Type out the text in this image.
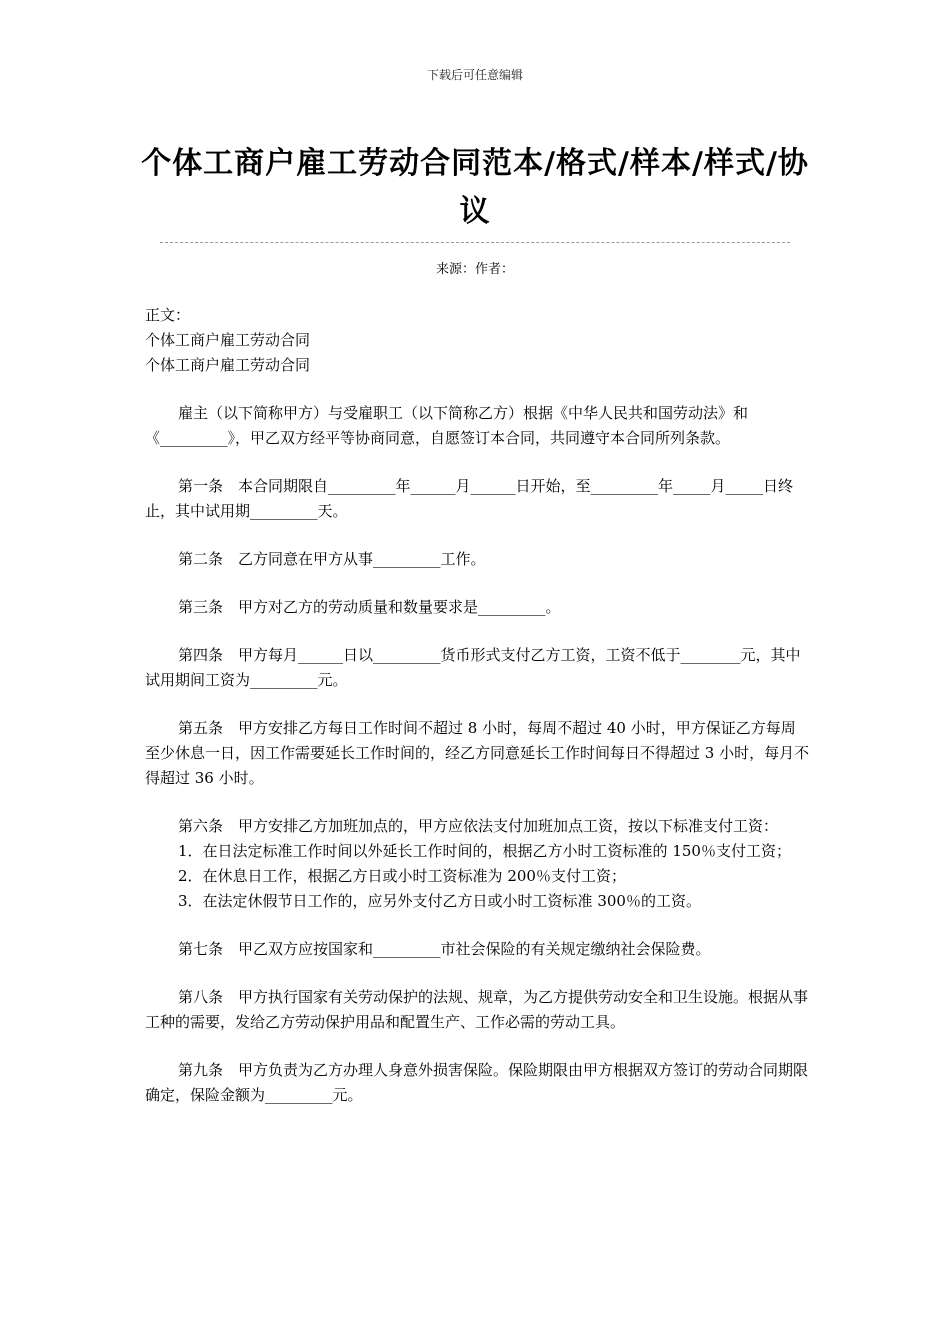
下载后可任意编辑
个体工商户雇工劳动合同范本/格式/样本/样式/协议
来源：作者：

正文：

个体工商户雇工劳动合同

个体工商户雇工劳动合同

雇主（以下简称甲方）与受雇职工（以下简称乙方）根据《中华人民共和国劳动法》和《_________》，甲乙双方经平等协商同意，自愿签订本合同，共同遵守本合同所列条款。

第一条　本合同期限自_________年______月______日开始，至_________年_____月_____日终止，其中试用期_________天。

第二条　乙方同意在甲方从事_________工作。

第三条　甲方对乙方的劳动质量和数量要求是_________。

第四条　甲方每月______日以_________货币形式支付乙方工资，工资不低于________元，其中试用期间工资为_________元。

第五条　甲方安排乙方每日工作时间不超过 8 小时，每周不超过 40 小时，甲方保证乙方每周至少休息一日，因工作需要延长工作时间的，经乙方同意延长工作时间每日不得超过 3 小时，每月不得超过 36 小时。

第六条　甲方安排乙方加班加点的，甲方应依法支付加班加点工资，按以下标准支付工资：

1．在日法定标准工作时间以外延长工作时间的，根据乙方小时工资标准的 150％支付工资；

2．在休息日工作，根据乙方日或小时工资标准为 200％支付工资；

3．在法定休假节日工作的，应另外支付乙方日或小时工资标准 300％的工资。

第七条　甲乙双方应按国家和_________市社会保险的有关规定缴纳社会保险费。

第八条　甲方执行国家有关劳动保护的法规、规章，为乙方提供劳动安全和卫生设施。根据从事工种的需要，发给乙方劳动保护用品和配置生产、工作必需的劳动工具。

第九条　甲方负责为乙方办理人身意外损害保险。保险期限由甲方根据双方签订的劳动合同期限确定，保险金额为_________元。
